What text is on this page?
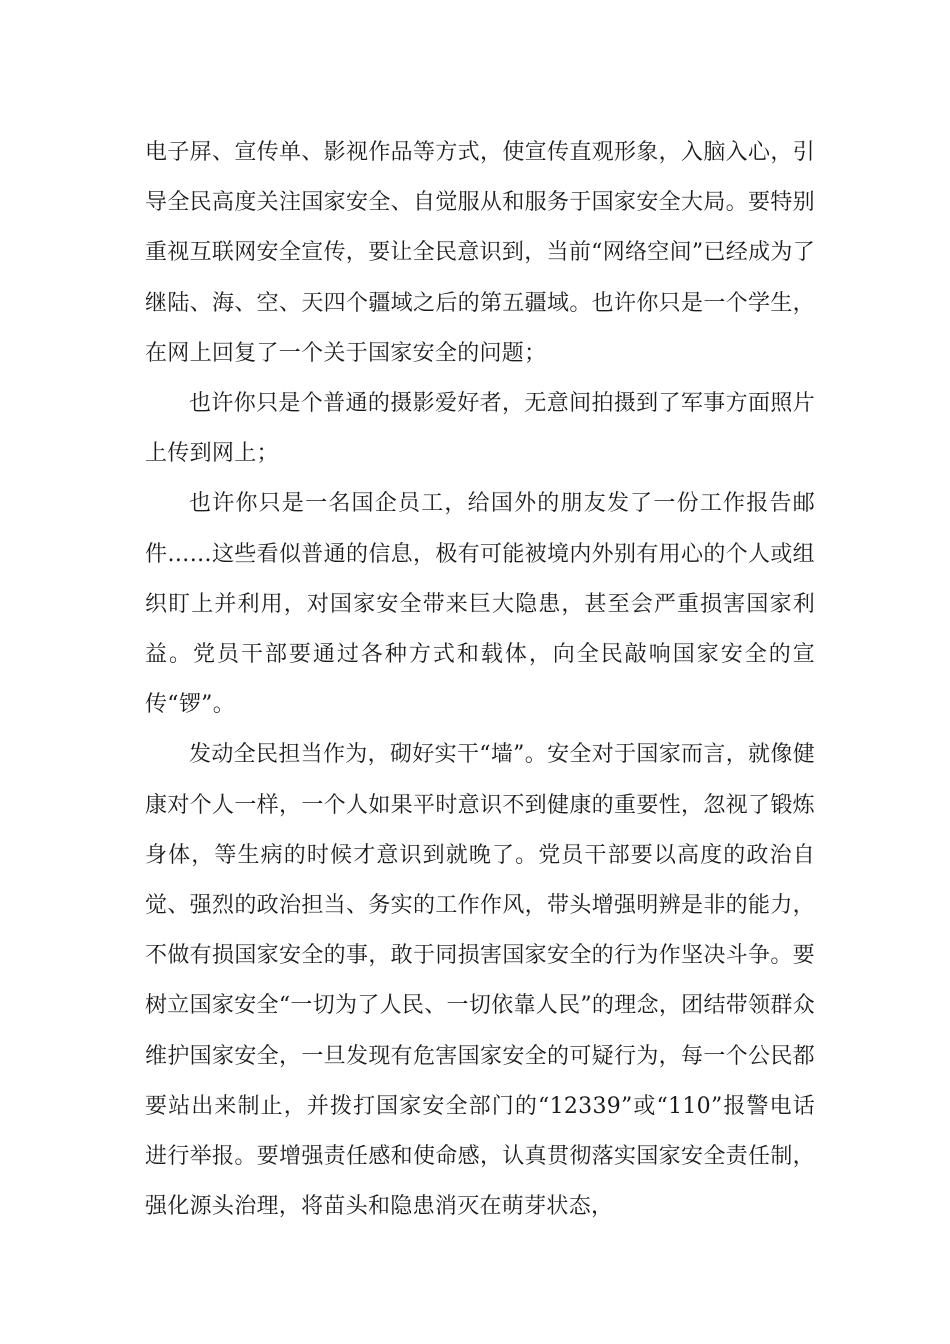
电子屏、宣传单、影视作品等方式，使宣传直观形象，入脑入心，引导全民高度关注国家安全、自觉服从和服务于国家安全大局。要特别重视互联网安全宣传，要让全民意识到，当前“网络空间”已经成为了继陆、海、空、天四个疆域之后的第五疆域。也许你只是一个学生，在网上回复了一个关于国家安全的问题；

也许你只是个普通的摄影爱好者，无意间拍摄到了军事方面照片上传到网上；

也许你只是一名国企员工，给国外的朋友发了一份工作报告邮件……这些看似普通的信息，极有可能被境内外别有用心的个人或组织盯上并利用，对国家安全带来巨大隐患，甚至会严重损害国家利益。党员干部要通过各种方式和载体，向全民敲响国家安全的宣传“锣”。

发动全民担当作为，砌好实干“墙”。安全对于国家而言，就像健康对个人一样，一个人如果平时意识不到健康的重要性，忽视了锻炼身体，等生病的时候才意识到就晚了。党员干部要以高度的政治自觉、强烈的政治担当、务实的工作作风，带头增强明辨是非的能力，不做有损国家安全的事，敢于同损害国家安全的行为作坚决斗争。要树立国家安全“一切为了人民、一切依靠人民”的理念，团结带领群众维护国家安全，一旦发现有危害国家安全的可疑行为，每一个公民都要站出来制止，并拨打国家安全部门的“12339”或“110”报警电话进行举报。要增强责任感和使命感，认真贯彻落实国家安全责任制，强化源头治理，将苗头和隐患消灭在萌芽状态，
